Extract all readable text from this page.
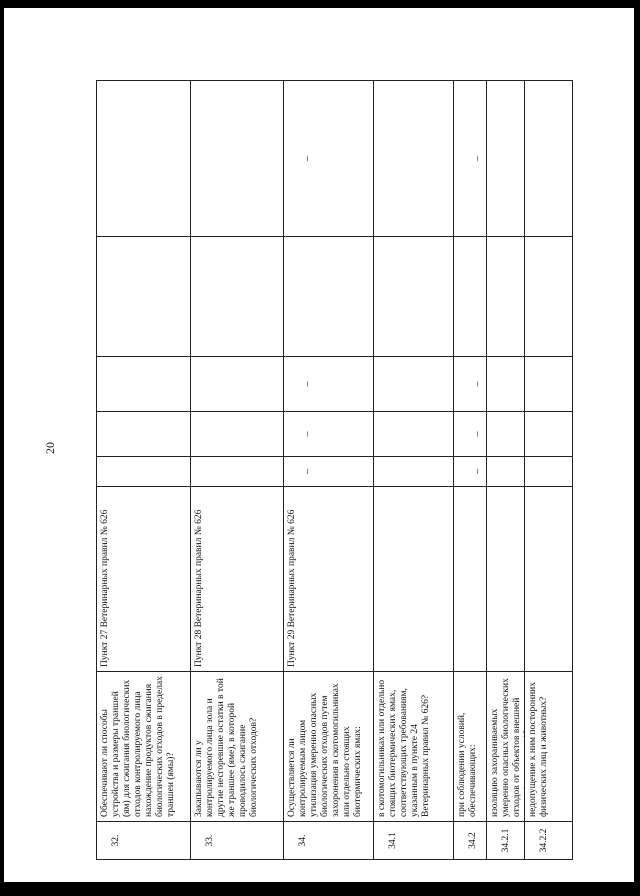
20
32.
Обеспечивают ли способы устройства и размеры траншей (ям) для сжигания биологических отходов контролируемого лица нахождение продуктов сжигания биологических отходов в пределах траншеи (ямы)?
Пункт 27 Ветеринарных правил № 626
33.
Закапываются ли у контролируемого лица зола и другие несгоревшие остатки в той же траншее (яме), в которой проводилось сжигание биологических отходов?
Пункт 28 Ветеринарных правил № 626
34.
Осуществляется ли контролируемым лицом утилизация умеренно опасных биологических отходов путем захоронения в скотомогильниках или отдельно стоящих биотермических ямах:
Пункт 29 Ветеринарных правил № 626
–
–
–
–
34.1
в скотомогильниках или отдельно стоящих биотермических ямах, соответствующих требованиям, указанным в пункте 24 Ветеринарных правил № 626?
34.2
при соблюдении условий, обеспечивающих:
–
–
–
–
34.2.1
изоляцию захораниваемых умеренно опасных биологических отходов от объектов внешней
34.2.2
недопущение к ним посторонних физических лиц и животных?
